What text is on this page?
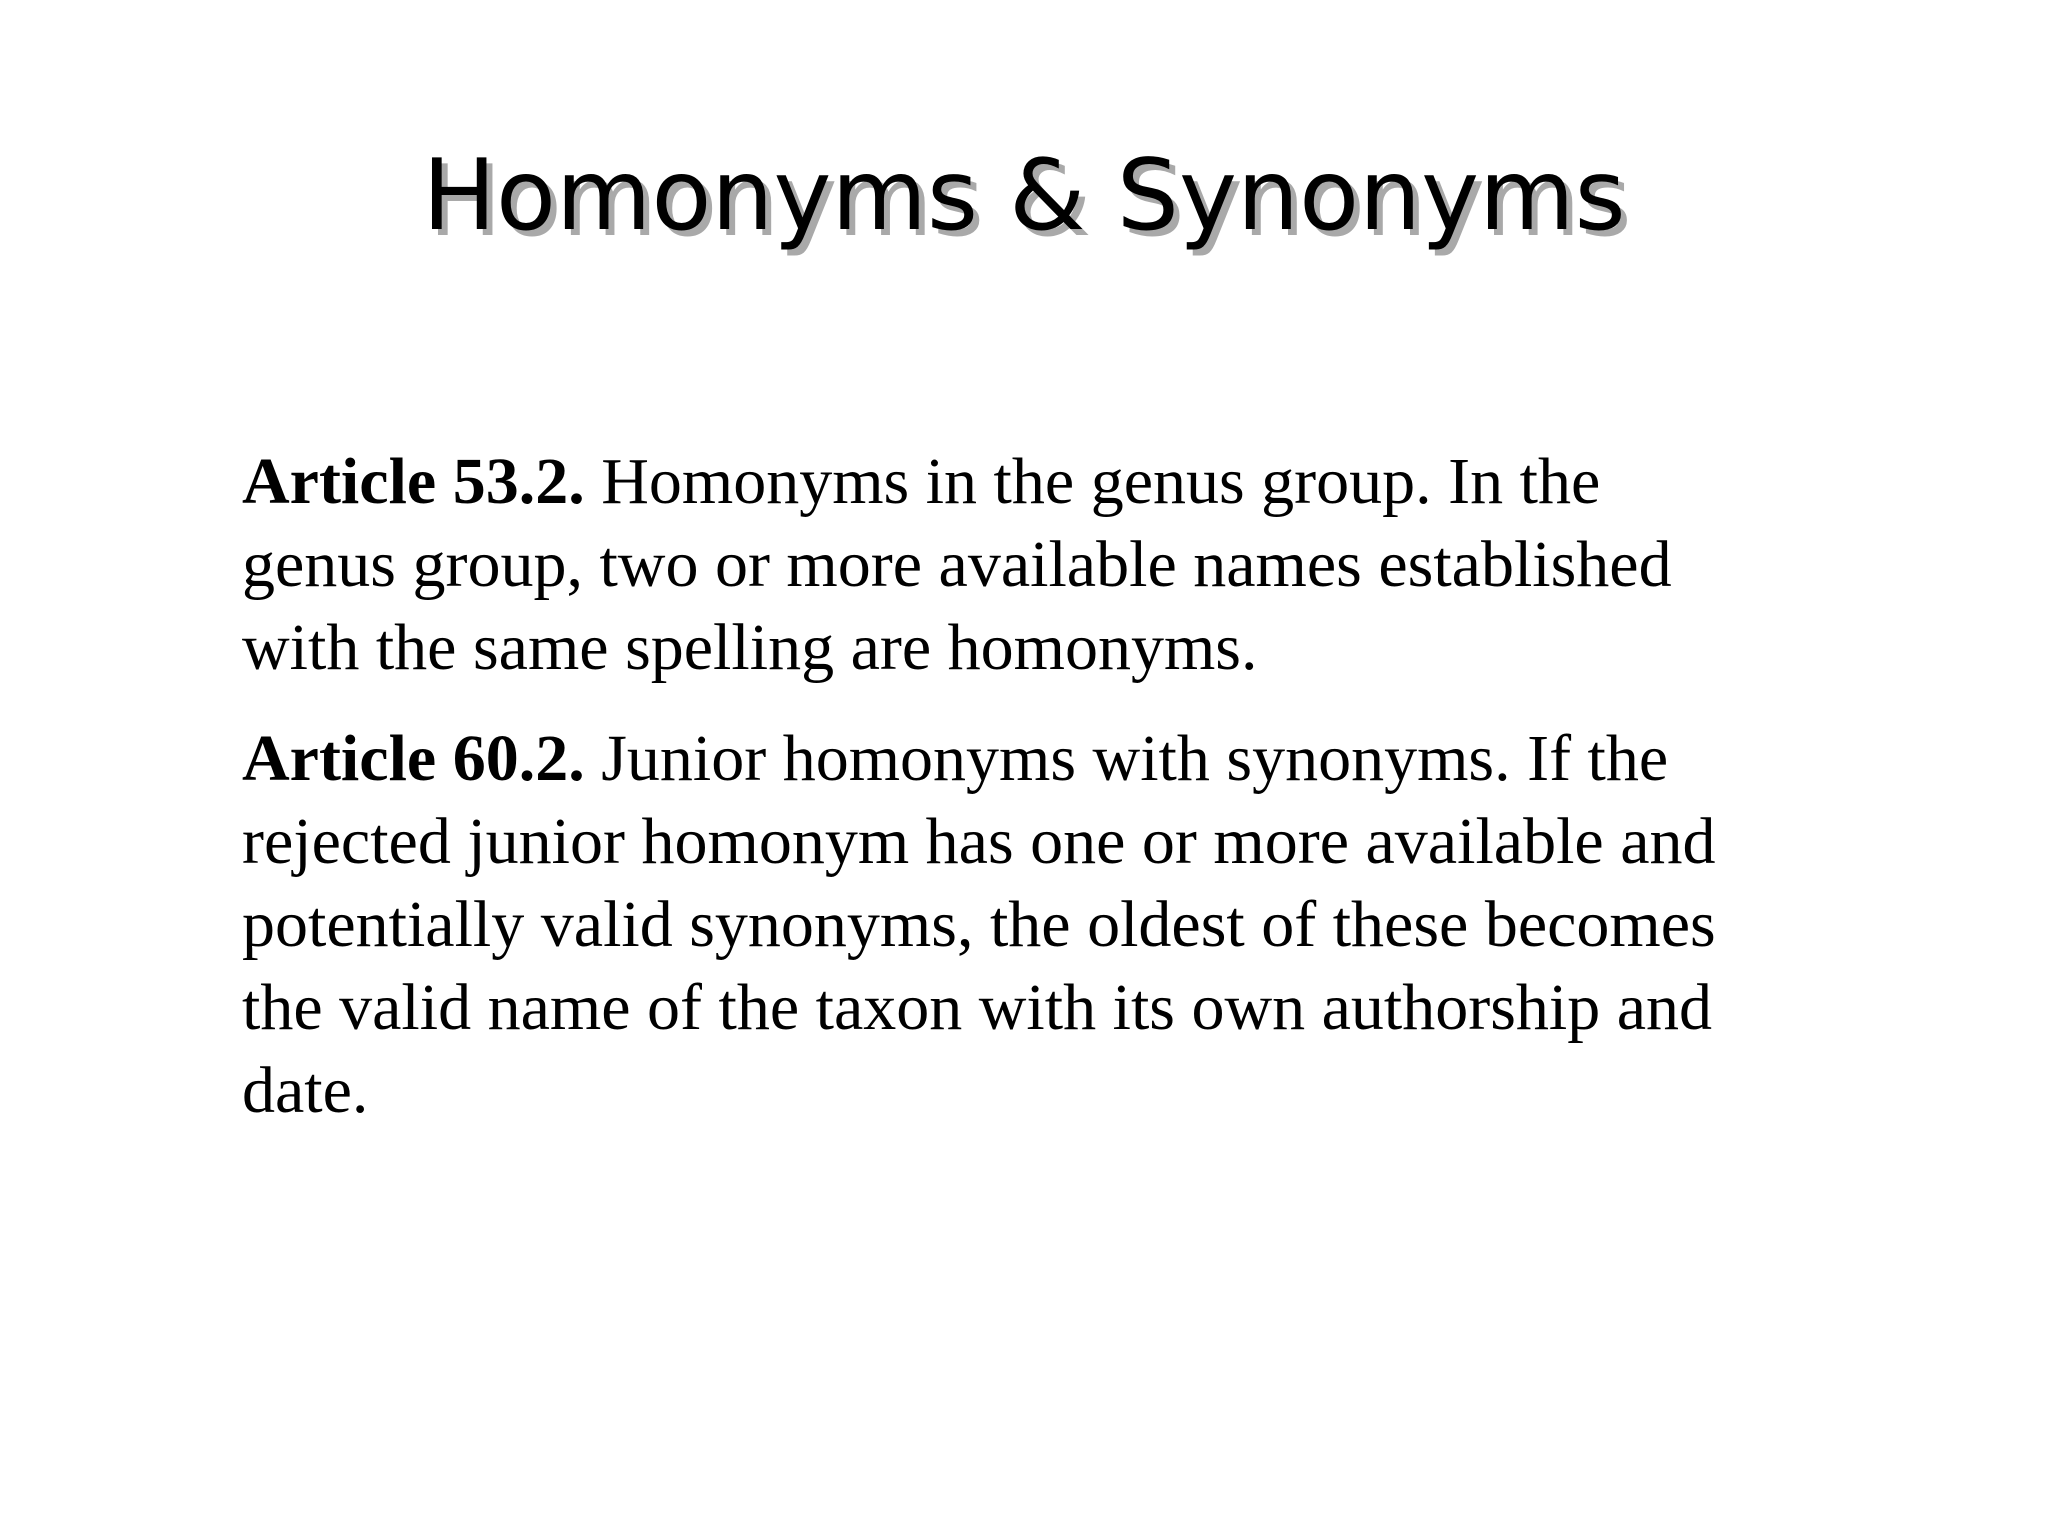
Homonyms & Synonyms

Article 53.2. Homonyms in the genus group. In the genus group, two or more available names established with the same spelling are homonyms.

Article 60.2. Junior homonyms with synonyms. If the rejected junior homonym has one or more available and potentially valid synonyms, the oldest of these becomes the valid name of the taxon with its own authorship and date.
